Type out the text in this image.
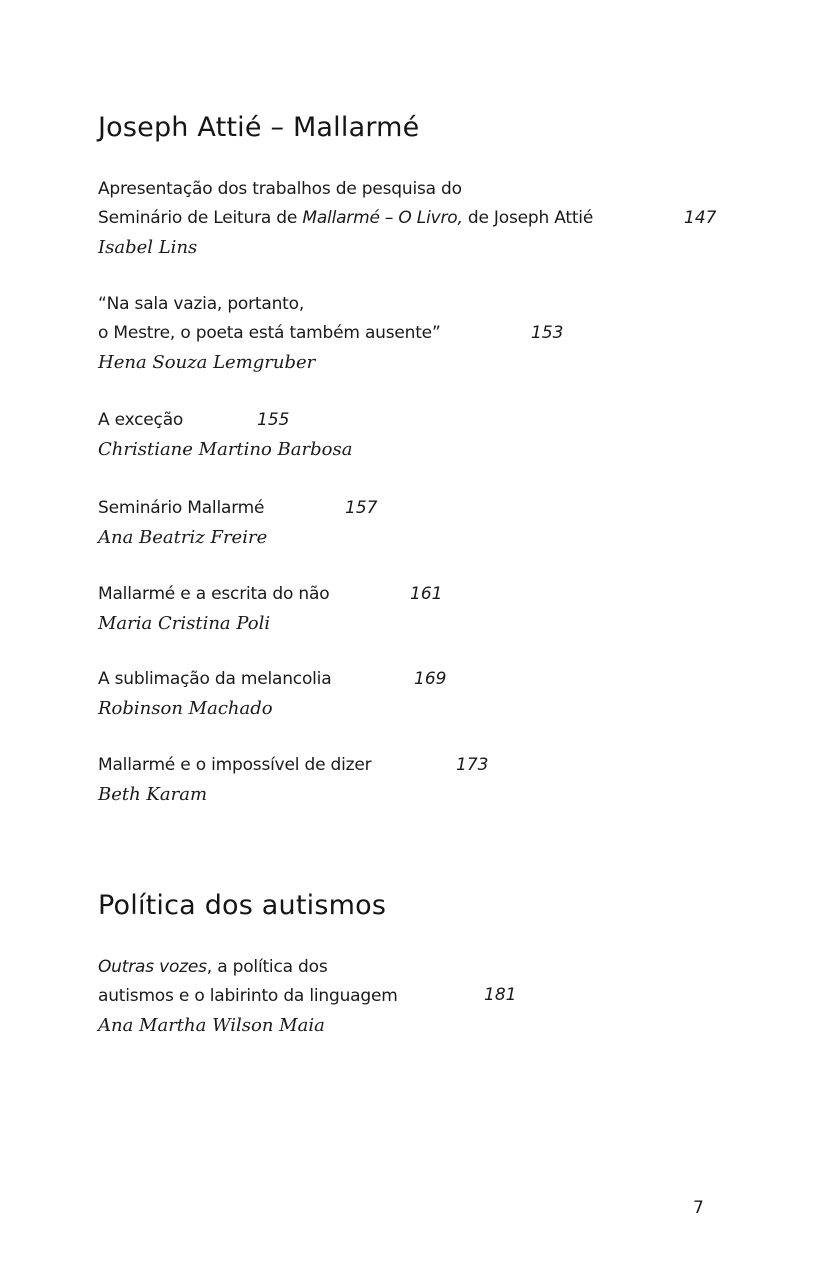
Joseph Attié – Mallarmé
Apresentação dos trabalhos de pesquisa do
Seminário de Leitura de Mallarmé – O Livro, de Joseph Attié
Isabel Lins
147
“Na sala vazia, portanto,
o Mestre, o poeta está também ausente”
Hena Souza Lemgruber
153
A exceção
Christiane Martino Barbosa
155
Seminário Mallarmé
Ana Beatriz Freire
157
Mallarmé e a escrita do não
Maria Cristina Poli
161
A sublimação da melancolia
Robinson Machado
169
Mallarmé e o impossível de dizer
Beth Karam
173
Política dos autismos
Outras vozes, a política dos
autismos e o labirinto da linguagem
Ana Martha Wilson Maia
181
7
